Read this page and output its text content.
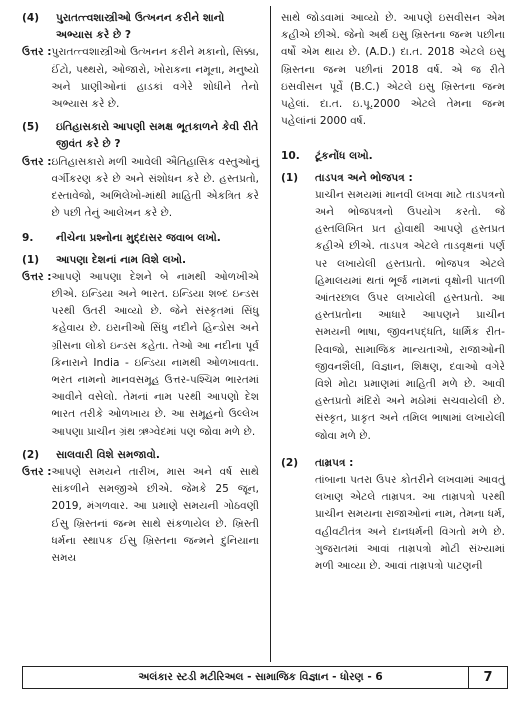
(4)	પુરાતત્ત્વશાસ્ત્રીઓ ઉત્ખનન કરીને શાનો અભ્યાસ કરે છે ?
ઉત્તર : પુરાતત્ત્વશાસ્ત્રીઓ ઉત્ખનન કરીને મકાનો, સિક્કા, ઈંટો, પથ્થરો, ઓજારો, ખોરાકના નમૂના, મનુષ્યો અને પ્રાણીઓનાં હાડકાં વગેરે શોધીને તેનો અભ્યાસ કરે છે.
(5)	ઇતિહાસકારો આપણી સમક્ષ ભૂતકાળને કેવી રીતે જીવંત કરે છે ?
ઉત્તર : ઇતિહાસકારો મળી આવેલી ઐતિહાસિક વસ્તુઓનું વર્ગીકરણ કરે છે અને સંશોધન કરે છે. હસ્તપ્રતો, દસ્તાવેજો, અભિલેખો-માંથી માહિતી એકત્રિત કરે છે પછી તેનું આલેખન કરે છે.
9.	નીચેના પ્રશ્નોના મુદ્દાસર જવાબ લખો.
(1)	આપણા દેશનાં નામ વિશે લખો.
ઉત્તર : આપણે આપણા દેશને બે નામથી ઓળખીએ છીએ. ઇન્ડિયા અને ભારત. ઇન્ડિયા શબ્દ ઇન્ડસ પરથી ઉતરી આવ્યો છે. જેને સંસ્કૃતમાં સિંધુ કહેવાય છે. ઇરાનીઓ સિંધુ નદીને હિન્ડોસ અને ગ્રીસના લોકો ઇન્ડસ કહેતા. તેઓ આ નદીના પૂર્વ કિનારાને India - ઇન્ડિયા નામથી ઓળખાવતા. ભરત નામનો માનવસમૂહ ઉત્તર-પશ્ચિમ ભારતમાં આવીને વસેલો. તેમનાં નામ પરથી આપણો દેશ ભારત તરીકે ઓળખાય છે. આ સમૂહનો ઉલ્લેખ આપણા પ્રાચીન ગ્રંથ ઋગ્વેદમાં પણ જોવા મળે છે.
(2)	સાલવારી વિશે સમજાવો.
ઉત્તર : આપણે સમયને તારીખ, માસ અને વર્ષ સાથે સાંકળીને સમજીએ છીએ. જેમકે 25 જૂન, 2019, મંગળવાર. આ પ્રમાણે સમયની ગોઠવણી ઈસુ ખ્રિસ્તનાં જન્મ સાથે સંકળાયેલ છે. ખ્રિસ્તી ધર્મના સ્થાપક ઈસુ ખ્રિસ્તના જન્મને દુનિયાના સમય
સાથે જોડવામાં આવ્યો છે. આપણે ઇસવીસન એમ કહીએ છીએ. જેનો અર્થ ઇસુ ખ્રિસ્તના જન્મ પછીના વર્ષો એમ થાય છે. (A.D.) દા.ત. 2018 એટલે ઇસુ ખ્રિસ્તના જન્મ પછીનાં 2018 વર્ષ. એ જ રીતે ઇસવીસન પૂર્વે (B.C.) એટલે ઇસુ ખ્રિસ્તના જન્મ પહેલાં. દા.ત. ઇ.પૂ.2000 એટલે તેમના જન્મ પહેલાંનાં 2000 વર્ષ.
10.	ટૂંકનોંધ લખો.
(1)	તાડપત્ર અને ભોજપત્ર :
પ્રાચીન સમયમાં માનવી લખવા માટે તાડપત્રનો અને ભોજપત્રનો ઉપયોગ કરતો. જે હસ્તલિખિત પ્રત હોવાથી આપણે હસ્તપ્રત કહીએ છીએ. તાડપત્ર એટલે તાડવૃક્ષનાં પર્ણ પર લખાયેલી હસ્તપ્રતો. ભોજપત્ર એટલે હિમાલયમાં થતાં ભૂર્જ નામનાં વૃક્ષોની પાતળી આંતરછાલ ઉપર લખાયેલી હસ્તપ્રતો. આ હસ્તપ્રતોના આધારે આપણને પ્રાચીન સમયની ભાષા, જીવનપદ્ધતિ, ધાર્મિક રીત-રિવાજો, સામાજિક માન્યતાઓ, રાજાઓની જીવનશૈલી, વિજ્ઞાન, શિક્ષણ, દવાઓ વગેરે વિશે મોટા પ્રમાણમાં માહિતી મળે છે. આવી હસ્તપ્રતો મંદિરો અને મઠોમાં સચવાયેલી છે. સંસ્કૃત, પ્રાકૃત અને તમિલ ભાષામાં લખાયેલી જોવા મળે છે.
(2)	તામ્રપત્ર :
તાંબાના પતરા ઉપર કોતરીને લખવામાં આવતું લખાણ એટલે તામ્રપત્ર. આ તામ્રપત્રો પરથી પ્રાચીન સમયના રાજાઓનાં નામ, તેમના ધર્મ, વહીવટીતંત્ર અને દાનધર્મની વિગતો મળે છે. ગુજરાતમાં આવાં તામ્રપત્રો મોટી સંખ્યામાં મળી આવ્યા છે. આવાં તામ્રપત્રો પાટણની
અલંકાર સ્ટડી મટીરિઅલ - સામાજિક વિજ્ઞાન - ધોરણ - 6	7
